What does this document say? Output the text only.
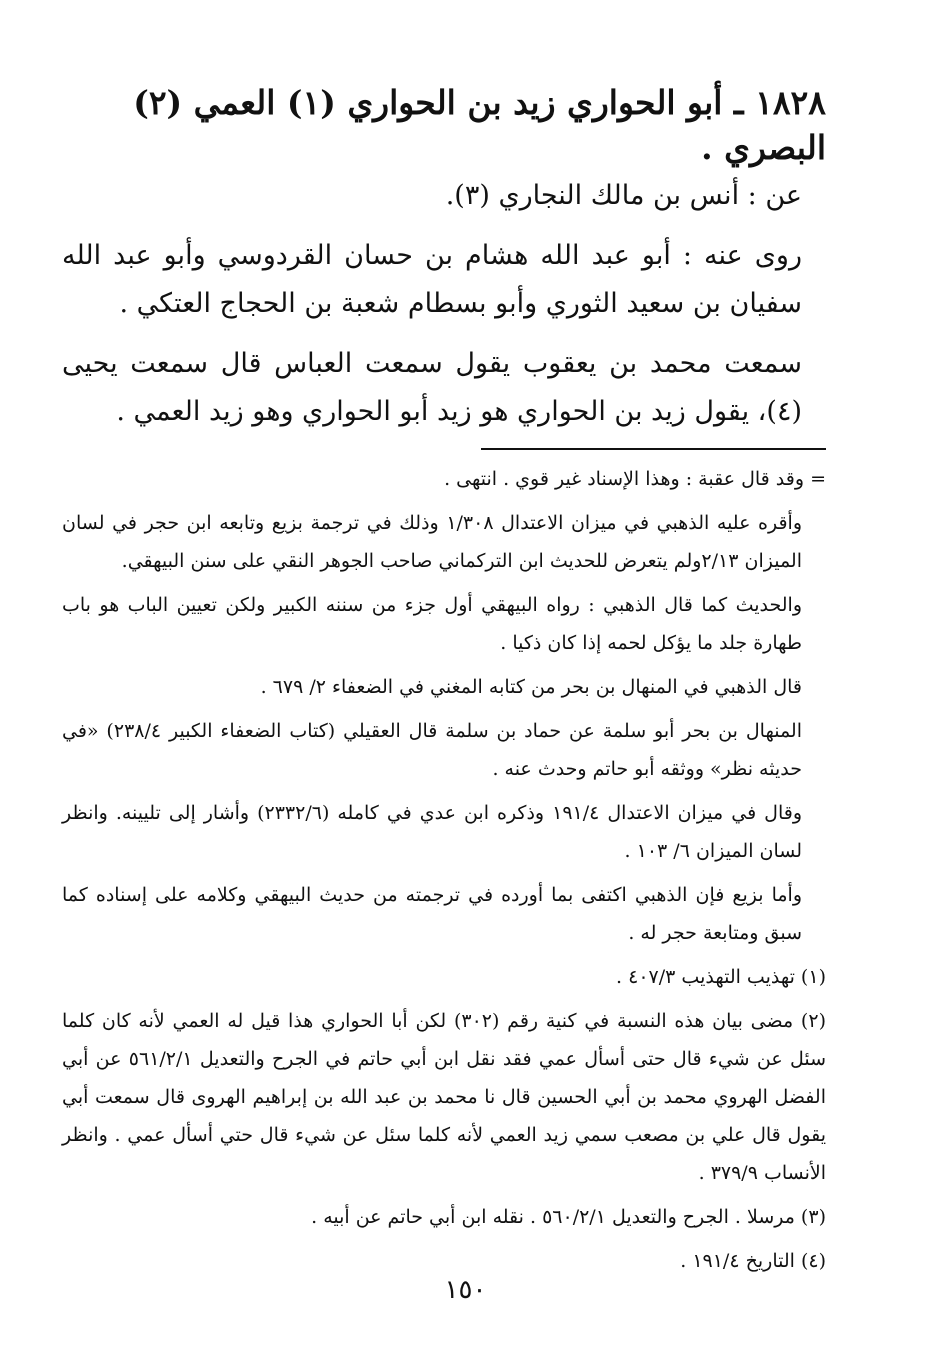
١٨٢٨ ـ أبو الحواري زيد بن الحواري (١) العمي (٢) البصري .

عن : أنس بن مالك النجاري (٣).

روى عنه : أبو عبد الله هشام بن حسان القردوسي وأبو عبد الله سفيان بن سعيد الثوري وأبو بسطام شعبة بن الحجاج العتكي .

سمعت محمد بن يعقوب يقول سمعت العباس قال سمعت يحيى (٤)، يقول زيد بن الحواري هو زيد أبو الحواري وهو زيد العمي .

= وقد قال عقبة : وهذا الإسناد غير قوي . انتهى .

وأقره عليه الذهبي في ميزان الاعتدال ١/٣٠٨ وذلك في ترجمة بزيع وتابعه ابن حجر في لسان الميزان ٢/١٣ولم يتعرض للحديث ابن التركماني صاحب الجوهر النقي على سنن البيهقي.

والحديث كما قال الذهبي : رواه البيهقي أول جزء من سننه الكبير ولكن تعيين الباب هو باب طهارة جلد ما يؤكل لحمه إذا كان ذكيا .

قال الذهبي في المنهال بن بحر من كتابه المغني في الضعفاء ٢/ ٦٧٩ .

المنهال بن بحر أبو سلمة عن حماد بن سلمة قال العقيلي (كتاب الضعفاء الكبير ٢٣٨/٤) «في حديثه نظر» ووثقه أبو حاتم وحدث عنه .

وقال في ميزان الاعتدال ١٩١/٤ وذكره ابن عدي في كامله (٢٣٣٢/٦) وأشار إلى تليينه. وانظر لسان الميزان ٦/ ١٠٣ .

وأما بزيع فإن الذهبي اكتفى بما أورده في ترجمته من حديث البيهقي وكلامه على إسناده كما سبق ومتابعة حجر له .

(١) تهذيب التهذيب ٤٠٧/٣ .

(٢) مضى بيان هذه النسبة في كنية رقم (٣٠٢) لكن أبا الحواري هذا قيل له العمي لأنه كان كلما سئل عن شيء قال حتى أسأل عمي فقد نقل ابن أبي حاتم في الجرح والتعديل ٥٦١/٢/١ عن أبي الفضل الهروي محمد بن أبي الحسين قال نا محمد بن عبد الله بن إبراهيم الهروى قال سمعت أبي يقول قال علي بن مصعب سمي زيد العمي لأنه كلما سئل عن شيء قال حتي أسأل عمي . وانظر الأنساب ٣٧٩/٩ .

(٣) مرسلا . الجرح والتعديل ٥٦٠/٢/١ . نقله ابن أبي حاتم عن أبيه .

(٤) التاريخ ١٩١/٤ .

١٥٠
